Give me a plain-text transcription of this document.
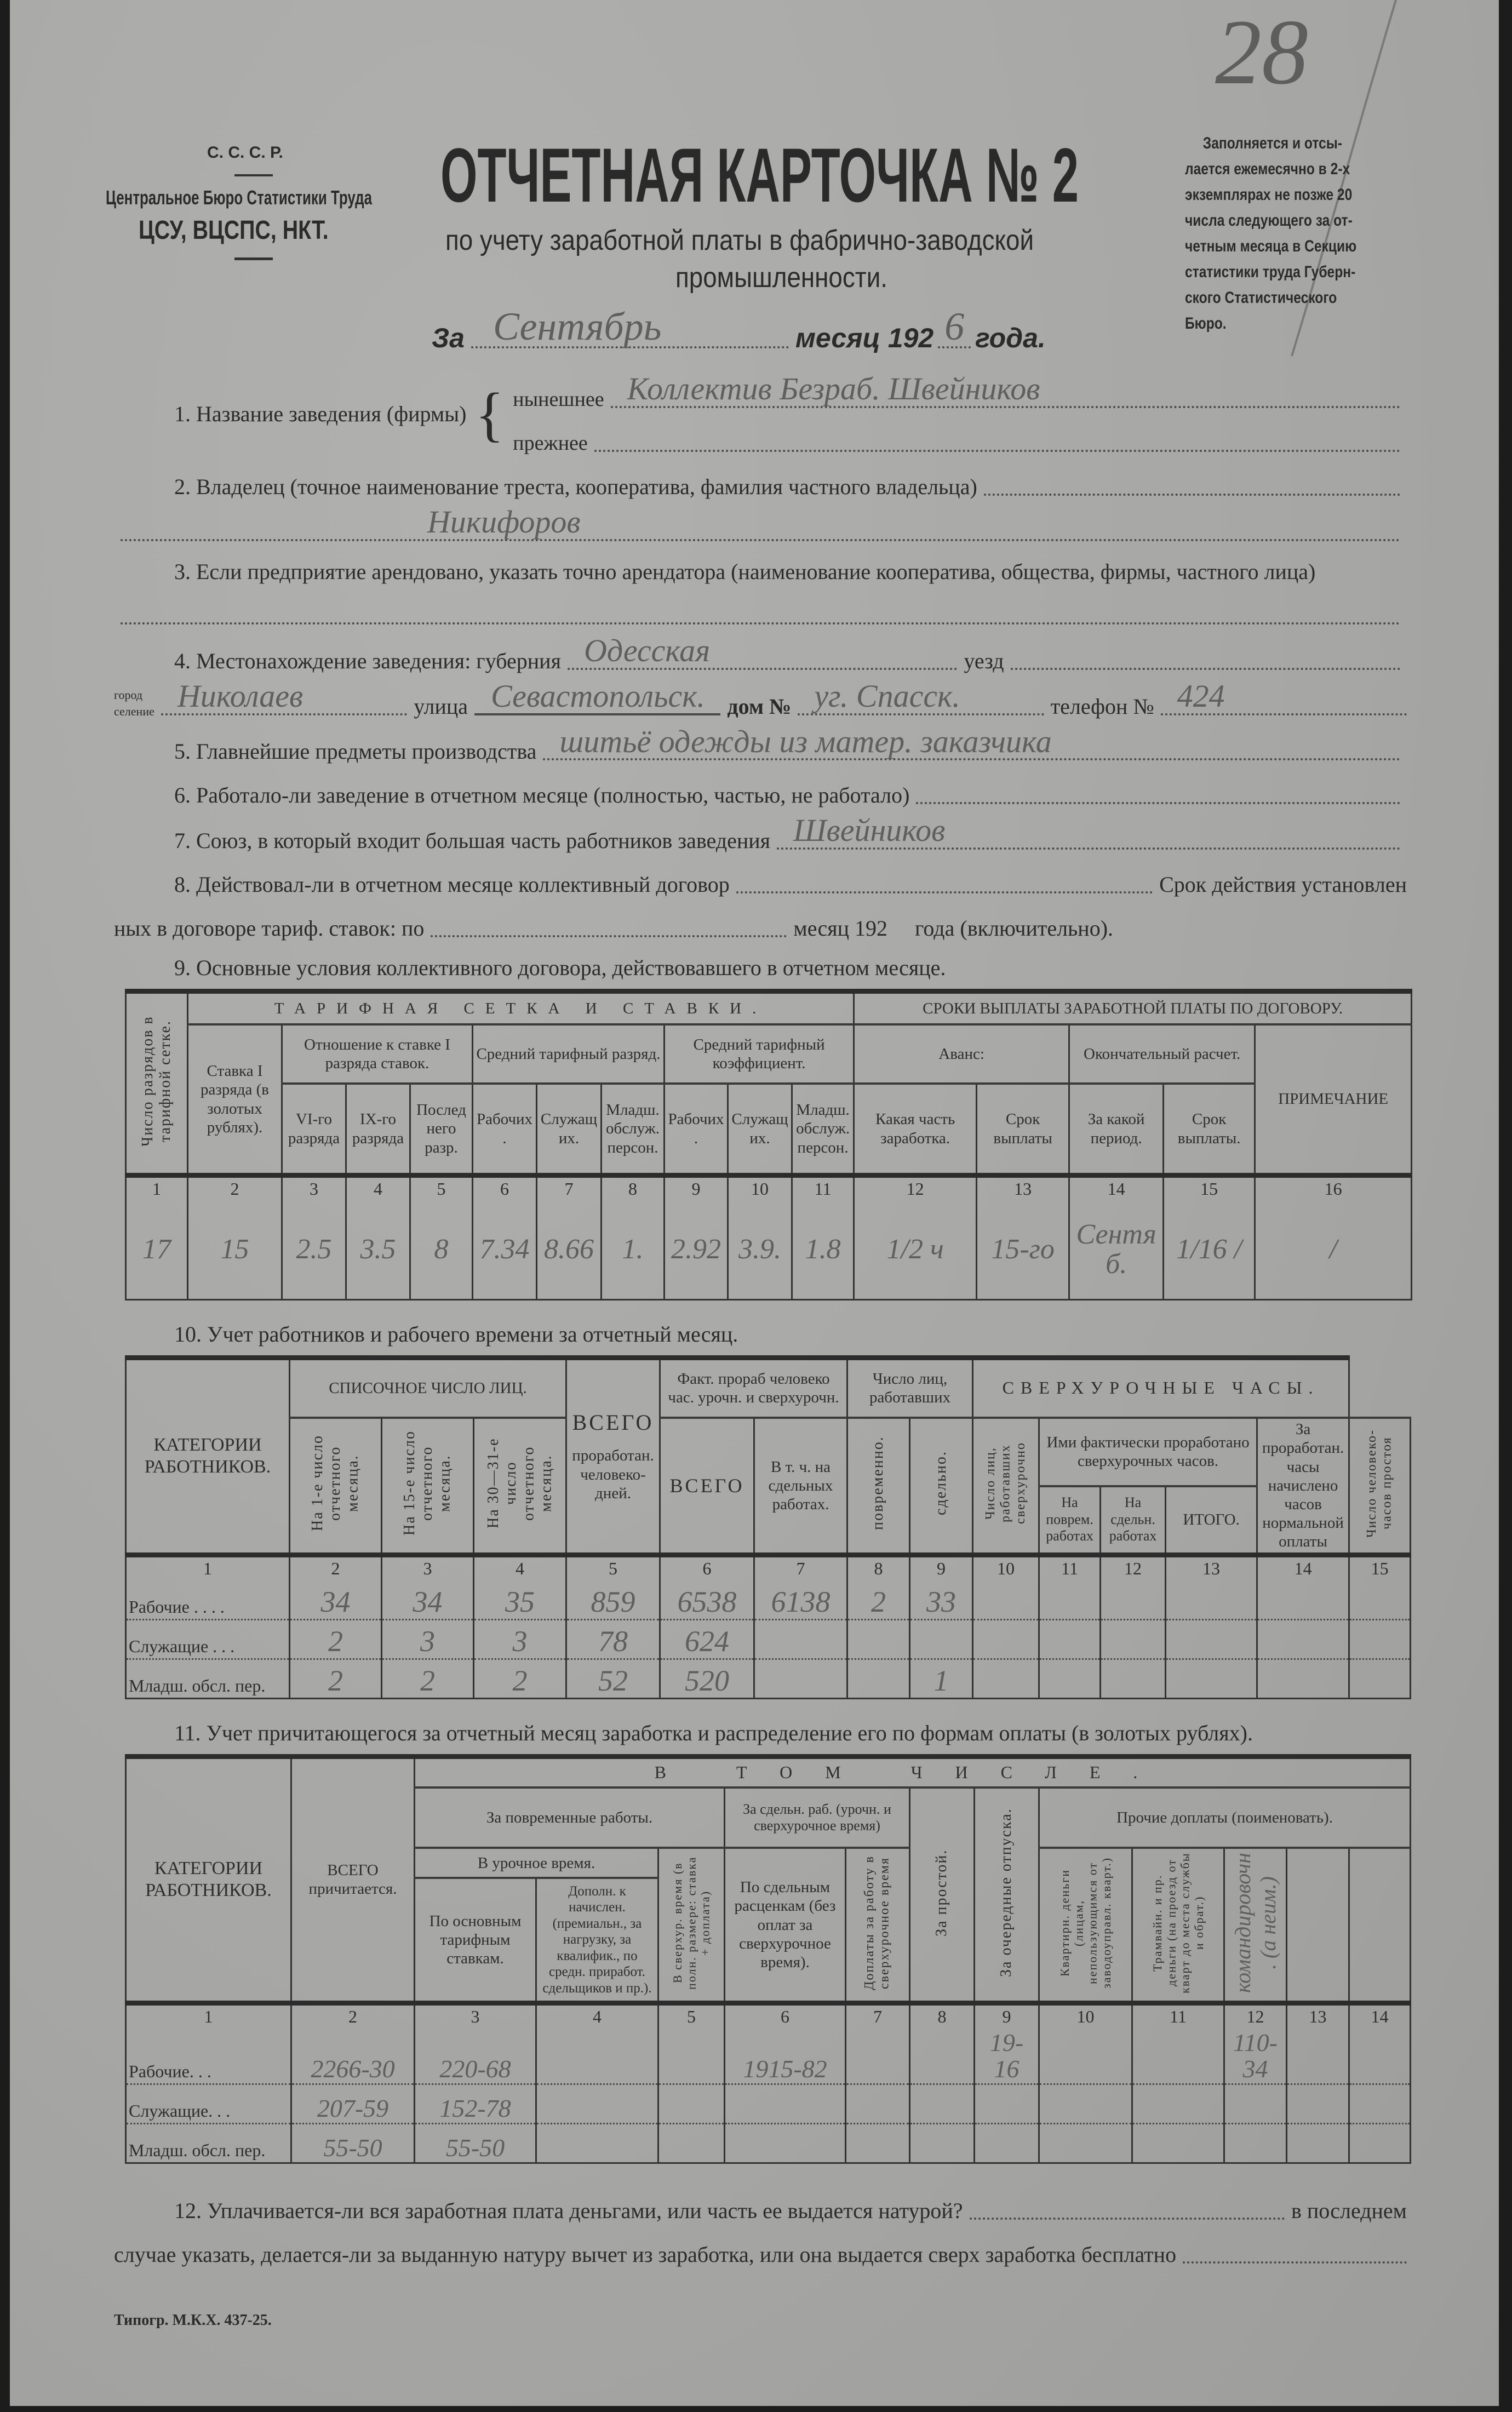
28
С. С. С. Р.
Центральное Бюро Статистики Труда
ЦСУ, ВЦСПС, НКТ.
ОТЧЕТНАЯ КАРТОЧКА № 2
по учету заработной платы в фабрично-заводской
промышленности.
Заполняется и отсы-
лается ежемесячно в 2-х
экземплярах не позже 20
числа следующего за от-
четным месяца в Секцию
статистики труда Губерн-
ского Статистического
Бюро.
За Сентябрь	месяц 192 6 года.
1. Название заведения (фирмы) { нынешнее Коллектив Безраб. Швейников
прежнее
2. Владелец (точное наименование треста, кооператива, фамилия частного владельца)
Никифоров
3. Если предприятие арендовано, указать точно арендатора (наименование кооператива, общества, фирмы, частного лица)
4. Местонахождение заведения: губерния Одесская	уезд
город
селение Николаев	улица Севастопольск. дом № уг. Спасск.	телефон № 424
5. Главнейшие предметы производства шитьё одежды из матер. заказчика
6. Работало-ли заведение в отчетном месяце (полностью, частью, не работало)
7. Союз, в который входит большая часть работников заведения Швейников
8. Действовал-ли в отчетном месяце коллективный договор	Срок действия установлен
ных в договоре тариф. ставок: по	месяц 192 года (включительно).
9. Основные условия коллективного договора, действовавшего в отчетном месяце.
Число разрядов в тарифной сетке.	ТАРИФНАЯ СЕТКА И СТАВКИ.										СРОКИ ВЫПЛАТЫ ЗАРАБОТНОЙ ПЛАТЫ ПО ДОГОВОРУ.				
	Ставка I разряда (в золотых рублях).	Отношение к ставке I разряда ставок.			Средний тарифный разряд.			Средний тарифный коэффициент.			Аванс:		Окончательный расчет.		ПРИМЕЧАНИЕ
		VI-го разряда	IX-го разряда	Последнего разр.	Рабочих.	Служащих.	Младш. обслуж. персон.	Рабочих.	Служащих.	Младш. обслуж. персон.	Какая часть заработка.	Срок выплаты	За какой период.	Срок выплаты.	
1	2	3	4	5	6	7	8	9	10	11	12	13	14	15	16
17	15	2.5	3.5	8	7.34	8.66	1.	2.92	3.9.	1.8	1/2 ч	15-го	Сентяб.	1/16 /	/
10. Учет работников и рабочего времени за отчетный месяц.
КАТЕГОРИИ РАБОТНИКОВ.	СПИСОЧНОЕ ЧИСЛО ЛИЦ.			ВСЕГО
проработан. человеко-дней.	Факт. прораб человеко час. урочн. и сверхурочн.		Число лиц, работавших		СВЕРХУРОЧНЫЕ ЧАСЫ.					
	На 1-е число отчетного месяца.	На 15-е число отчетного месяца.	На 30—31-е число отчетного месяца.		ВСЕГО	В т. ч. на сдельных работах.	повременно.	сдельно.	Число лиц, работавших сверхурочно	Ими фактически проработано сверхурочных часов.			За проработан. часы начислено часов нормальной оплаты	Число человеко-часов простоя
										На поврем. работах	На сдельн. работах	ИТОГО.		
1	2	3	4	5	6	7	8	9	10	11	12	13	14	15
Рабочие . . . .	34	34	35	859	6538	6138	2	33						
Служащие . . .	2	3	3	78	624									
Младш. обсл. пер.	2	2	2	52	520			1						
11. Учет причитающегося за отчетный месяц заработка и распределение его по формам оплаты (в золотых рублях).
КАТЕГОРИИ РАБОТНИКОВ.	ВСЕГО причитается.	В ТОМ ЧИСЛЕ.											
		За повременные работы.			За сдельн. раб. (урочн. и сверхурочное время)		За простой.	За очередные отпуска.	Прочие доплаты (поименовать).				
		В урочное время.		В сверхур. время (в полн. размере: ставка + доплата)	По сдельным расценкам (без оплат за сверхурочное время).	Доплаты за работу в сверхурочное время			Квартирн. деньги (лицам, непользующимся от заводоуправл. кварт.)	Трамвайн. и пр. деньги (на проезд от кварт до места службы и обрат.)	командировочн. (а неим.)		
		По основным тарифным ставкам.	Дополн. к начислен. (премиальн., за нагрузку, за квалифик., по средн. приработ. сдельщиков и пр.).										
1	2	3	4	5	6	7	8	9	10	11	12	13	14
Рабочие. . .	2266-30	220-68			1915-82			19-16			110-34		
Служащие. . .	207-59	152-78											
Младш. обсл. пер.	55-50	55-50											
12. Уплачивается-ли вся заработная плата деньгами, или часть ее выдается натурой?	в последнем
случае указать, делается-ли за выданную натуру вычет из заработка, или она выдается сверх заработка бесплатно
Типогр. М.К.Х. 437-25.
